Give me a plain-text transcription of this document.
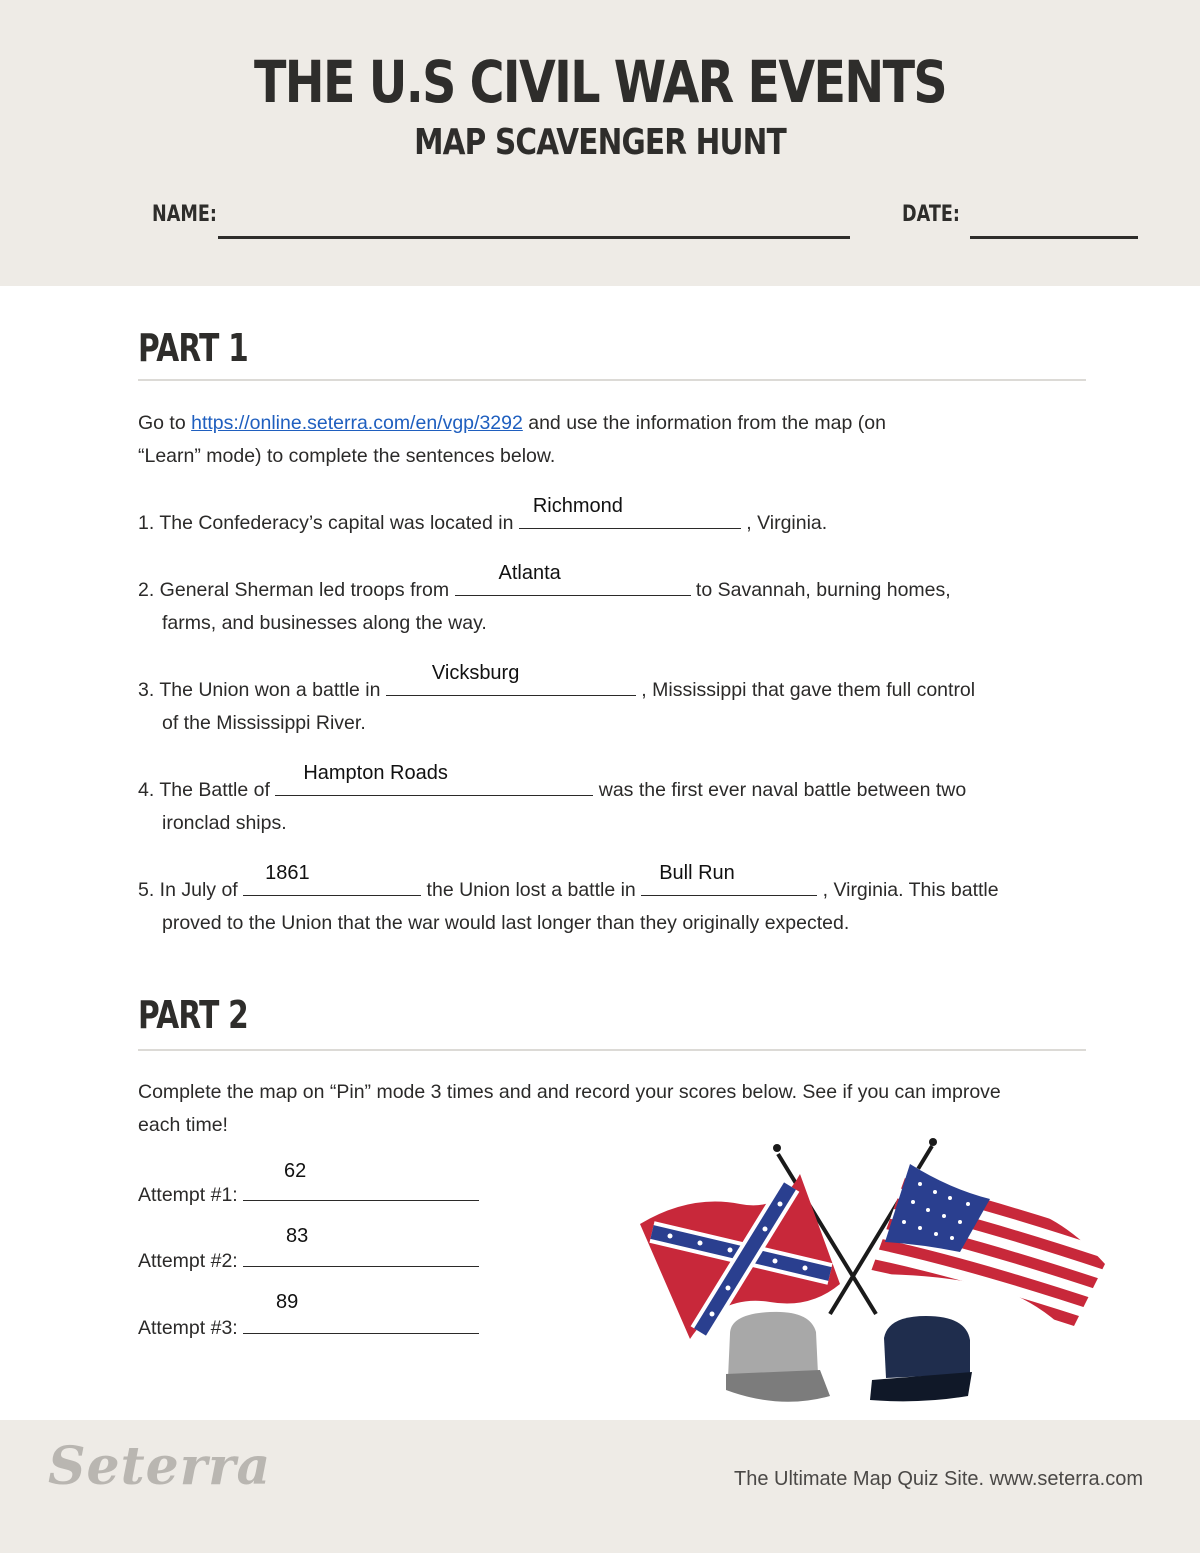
THE U.S CIVIL WAR EVENTS
MAP SCAVENGER HUNT
NAME:	DATE:
PART 1
Go to https://online.seterra.com/en/vgp/3292 and use the information from the map (on
“Learn” mode) to complete the sentences below.
1. The Confederacy’s capital was located in
Richmond
, Virginia.
2. General Sherman led troops from
Atlanta
to Savannah, burning homes,
farms, and businesses along the way.
3. The Union won a battle in
Vicksburg
, Mississippi that gave them full control
of the Mississippi River.
4. The Battle of
Hampton Roads
was the first ever naval battle between two
ironclad ships.
5. In July of
1861
the Union lost a battle in
Bull Run
, Virginia. This battle
proved to the Union that the war would last longer than they originally expected.
PART 2
Complete the map on “Pin” mode 3 times and and record your scores below. See if you can improve
each time!
Attempt #1:
62
Attempt #2:
83
Attempt #3:
89
Seterra	The Ultimate Map Quiz Site. www.seterra.com
